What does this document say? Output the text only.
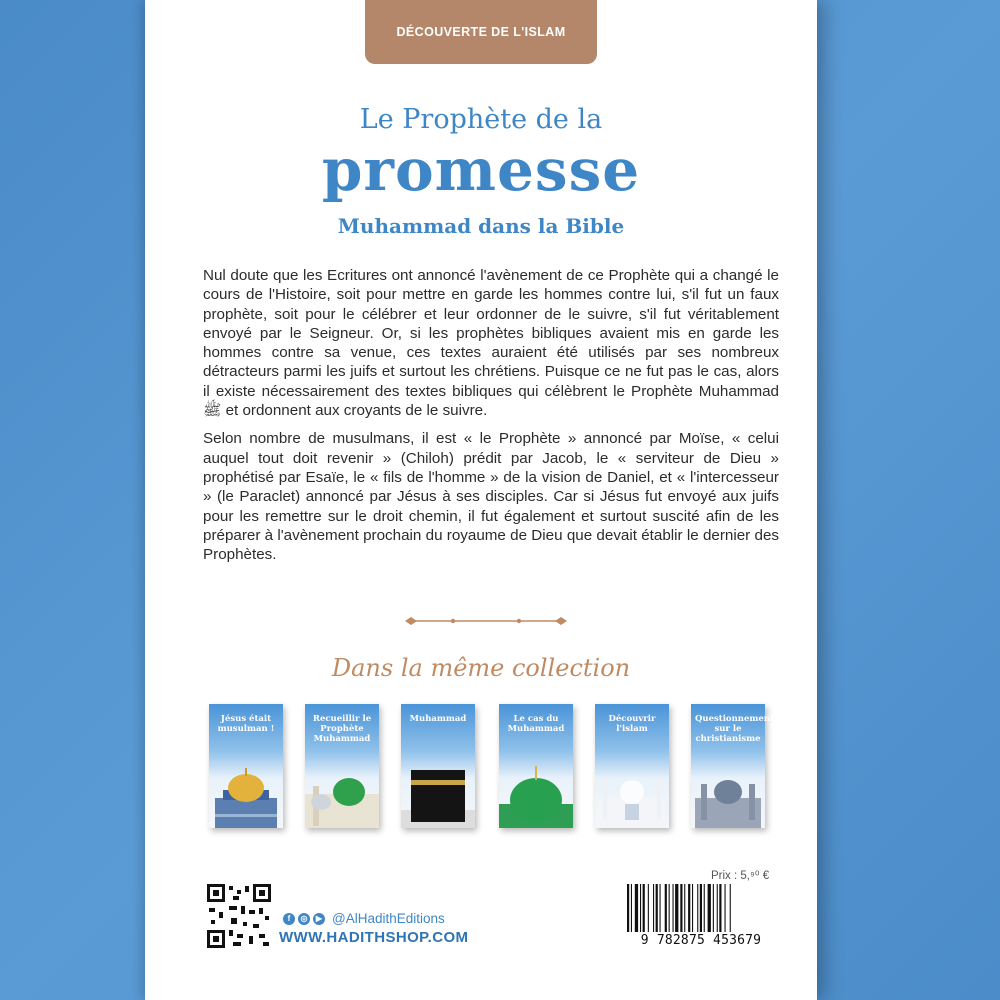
DÉCOUVERTE DE L'ISLAM
Le Prophète de la
promesse
Muhammad dans la Bible

Nul doute que les Ecritures ont annoncé l'avènement de ce Prophète qui a changé le cours de l'Histoire, soit pour mettre en garde les hommes contre lui, s'il fut un faux prophète, soit pour le célébrer et leur ordonner de le suivre, s'il fut véritablement envoyé par le Seigneur. Or, si les prophètes bibliques avaient mis en garde les hommes contre sa venue, ces textes auraient été utilisés par ses nombreux détracteurs parmi les juifs et surtout les chrétiens. Puisque ce ne fut pas le cas, alors il existe nécessairement des textes bibliques qui célèbrent le Prophète Muhammad ﷺ et ordonnent aux croyants de le suivre.

Selon nombre de musulmans, il est « le Prophète » annoncé par Moïse, « celui auquel tout doit revenir » (Chiloh) prédit par Jacob, le « serviteur de Dieu » prophétisé par Esaïe, le « fils de l'homme » de la vision de Daniel, et « l'intercesseur » (le Paraclet) annoncé par Jésus à ses disciples. Car si Jésus fut envoyé aux juifs pour les remettre sur le droit chemin, il fut également et surtout suscité afin de les préparer à l'avènement prochain du royaume de Dieu que devait établir le dernier des Prophètes.

Dans la même collection
Jésus était musulman !
Recueillir le Prophète Muhammad
Muhammad	Le cas du Muhammad
Découvrir l'islam
Questionnement sur le christianisme
f	◎	▶ @AlHadithEditions
WWW.HADITHSHOP.COM
Prix : 5,⁹⁰ €
9 782875 453679
